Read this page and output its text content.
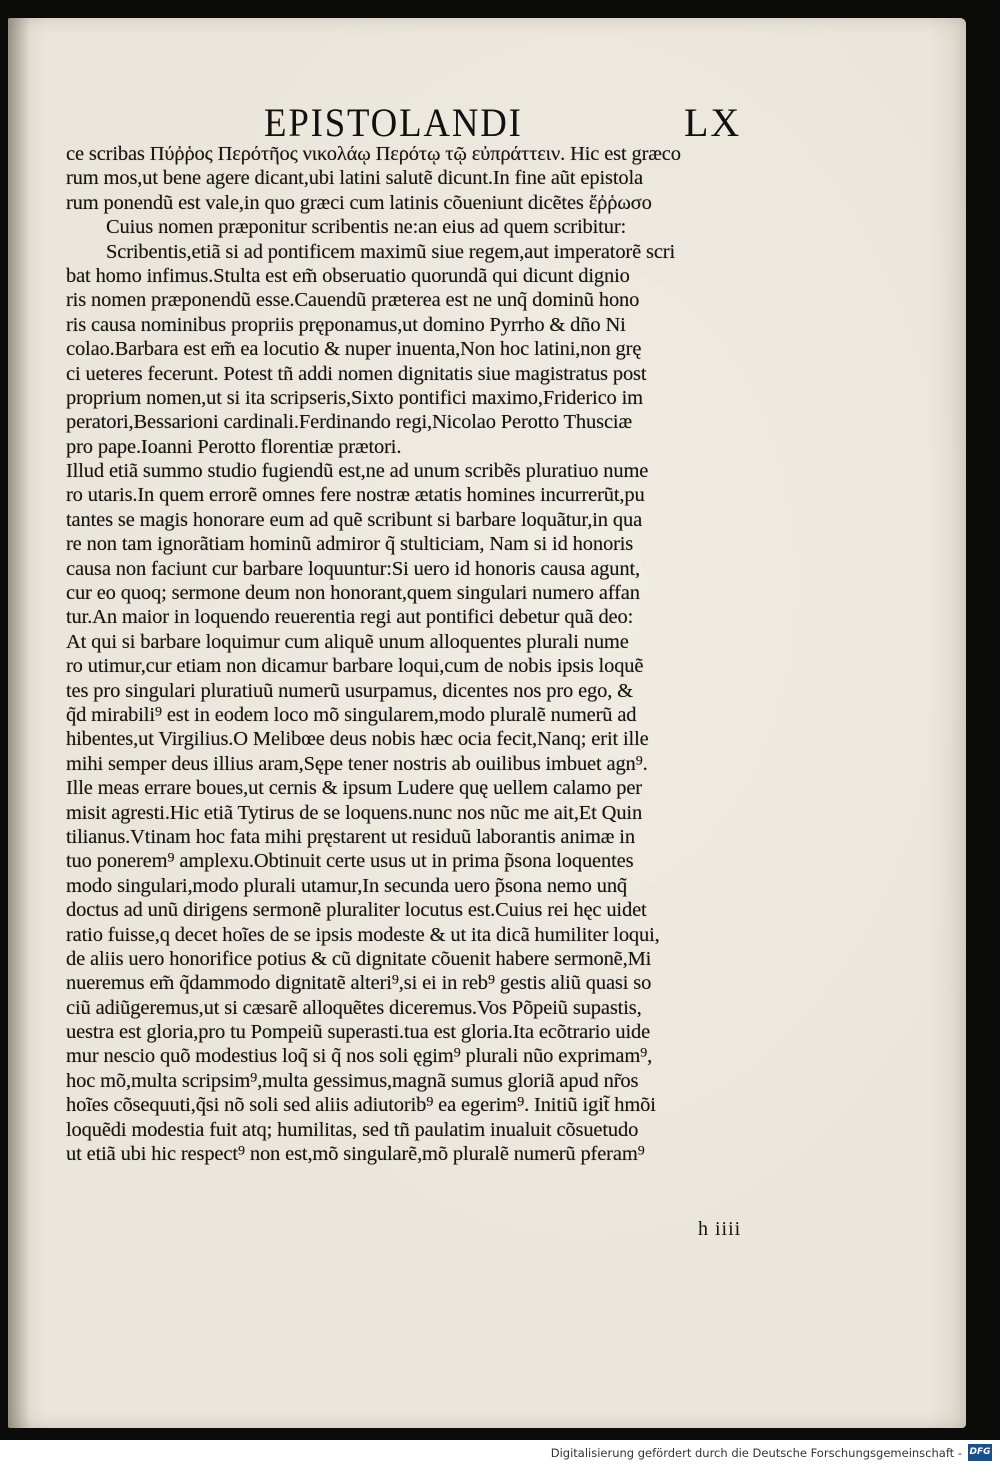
EPISTOLANDI	LX
ce scribas Πύῤῥος Περότῆος νικολάῳ Περότῳ τῷ εὐπράττειν. Hic est græco
rum mos,ut bene agere dicant,ubi latini salutẽ dicunt.In fine aũt epistola
rum ponendũ est vale,in quo græci cum latinis cõueniunt dicẽtes ἔῤῥωσο
Cuius nomen præponitur scribentis ne:an eius ad quem scribitur:
Scribentis,etiã si ad pontificem maximũ siue regem,aut imperatorẽ scri
bat homo infimus.Stulta est em̃ obseruatio quorundã qui dicunt dignio
ris nomen præponendũ esse.Cauendũ præterea est ne unq̃ dominũ hono
ris causa nominibus propriis pręponamus,ut domino Pyrrho & dño Ni
colao.Barbara est em̃ ea locutio & nuper inuenta,Non hoc latini,non grę
ci ueteres fecerunt. Potest tñ addi nomen dignitatis siue magistratus post
proprium nomen,ut si ita scripseris,Sixto pontifici maximo,Friderico im
peratori,Bessarioni cardinali.Ferdinando regi,Nicolao Perotto Thusciæ
pro pape.Ioanni Perotto florentiæ prætori.
Illud etiã summo studio fugiendũ est,ne ad unum scribẽs pluratiuo nume
ro utaris.In quem errorẽ omnes fere nostræ ætatis homines incurrerũt,pu
tantes se magis honorare eum ad quẽ scribunt si barbare loquãtur,in qua
re non tam ignorãtiam hominũ admiror q̃ stulticiam, Nam si id honoris
causa non faciunt cur barbare loquuntur:Si uero id honoris causa agunt,
cur eo quoq; sermone deum non honorant,quem singulari numero affan
tur.An maior in loquendo reuerentia regi aut pontifici debetur quã deo:
At qui si barbare loquimur cum aliquẽ unum alloquentes plurali nume
ro utimur,cur etiam non dicamur barbare loqui,cum de nobis ipsis loquẽ
tes pro singulari pluratiuũ numerũ usurpamus, dicentes nos pro ego, &
q̃d mirabili⁹ est in eodem loco mõ singularem,modo pluralẽ numerũ ad
hibentes,ut Virgilius.O Melibœe deus nobis hæc ocia fecit,Nanq; erit ille
mihi semper deus illius aram,Sępe tener nostris ab ouilibus imbuet agn⁹.
Ille meas errare boues,ut cernis & ipsum Ludere quę uellem calamo per
misit agresti.Hic etiã Tytirus de se loquens.nunc nos nũc me ait,Et Quin
tilianus.Vtinam hoc fata mihi pręstarent ut residuũ laborantis animæ in
tuo ponerem⁹ amplexu.Obtinuit certe usus ut in prima p̃sona loquentes
modo singulari,modo plurali utamur,In secunda uero p̃sona nemo unq̃
doctus ad unũ dirigens sermonẽ pluraliter locutus est.Cuius rei hęc uidet
ratio fuisse,q decet hoĩes de se ipsis modeste & ut ita dicã humiliter loqui,
de aliis uero honorifice potius & cũ dignitate cõuenit habere sermonẽ,Mi
nueremus em̃ q̃dammodo dignitatẽ alteri⁹,si ei in reb⁹ gestis aliũ quasi so
ciũ adiũgeremus,ut si cæsarẽ alloquẽtes diceremus.Vos Põpeiũ supastis,
uestra est gloria,pro tu Pompeiũ superasti.tua est gloria.Ita ecõtrario uide
mur nescio quõ modestius loq̃ si q̃ nos soli ęgim⁹ plurali nũo exprimam⁹,
hoc mõ,multa scripsim⁹,multa gessimus,magnã sumus gloriã apud nr̃os
hoĩes cõsequuti,q̃si nõ soli sed aliis adiutorib⁹ ea egerim⁹. Initiũ igit̃ hmõi
loquẽdi modestia fuit atq; humilitas, sed tñ paulatim inualuit cõsuetudo
ut etiã ubi hic respect⁹ non est,mõ singularẽ,mõ pluralẽ numerũ pferam⁹
h iiii
Digitalisierung gefördert durch die Deutsche Forschungsgemeinschaft - DFG
